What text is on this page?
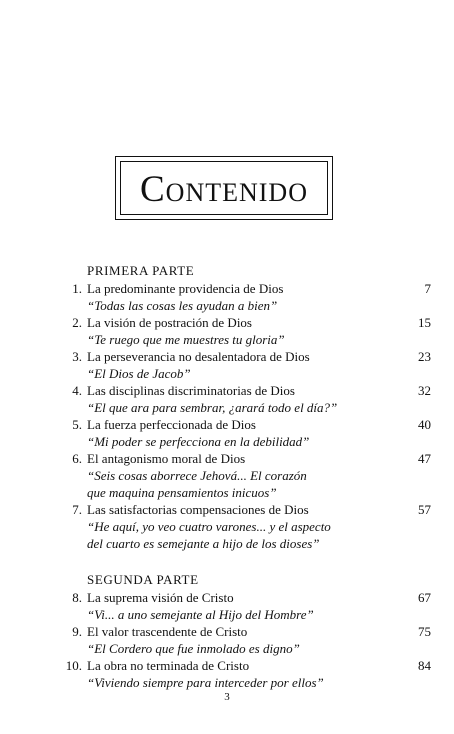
Contenido
PRIMERA PARTE
1. La predominante providencia de Dios	7
“Todas las cosas les ayudan a bien”
2. La visión de postración de Dios	15
“Te ruego que me muestres tu gloria”
3. La perseverancia no desalentadora de Dios	23
“El Dios de Jacob”
4. Las disciplinas discriminatorias de Dios	32
“El que ara para sembrar, ¿arará todo el día?”
5. La fuerza perfeccionada de Dios	40
“Mi poder se perfecciona en la debilidad”
6. El antagonismo moral de Dios	47
“Seis cosas aborrece Jehová... El corazón
que maquina pensamientos inicuos”
7. Las satisfactorias compensaciones de Dios	57
“He aquí, yo veo cuatro varones... y el aspecto
del cuarto es semejante a hijo de los dioses”
SEGUNDA PARTE
8. La suprema visión de Cristo	67
“Vi... a uno semejante al Hijo del Hombre”
9. El valor trascendente de Cristo	75
“El Cordero que fue inmolado es digno”
10. La obra no terminada de Cristo	84
“Viviendo siempre para interceder por ellos”
3
